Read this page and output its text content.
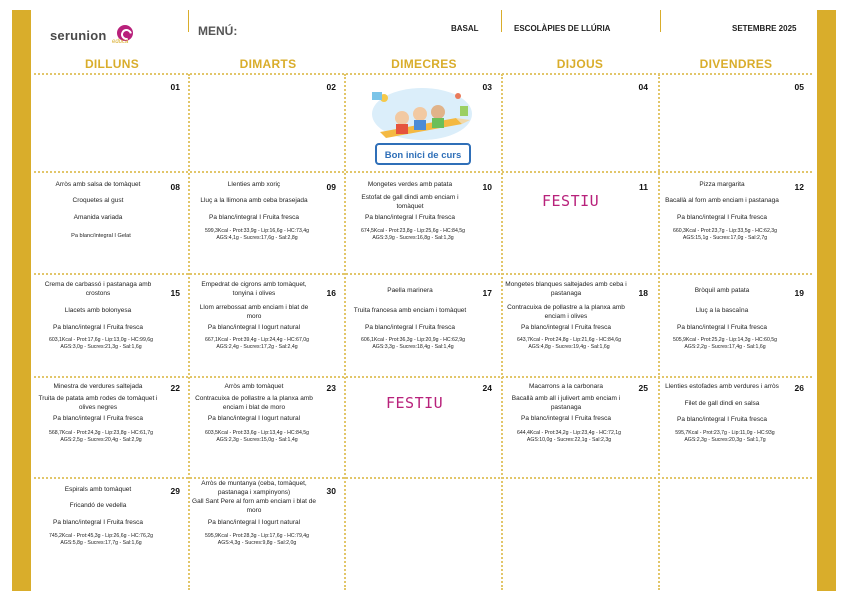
serunion educa
MENÚ:	BASAL	ESCOLÀPIES DE LLÚRIA	SETEMBRE 2025
DILLUNS	DIMARTS	DIMECRES	DIJOUS	DIVENDRES
01	02	03	04	05
Bon inici de curs
08
Arròs amb salsa de tomàquet
Croquetes al gust
Amanida variada
Pa blanc/integral I Gelat
09
Llenties amb xoriç
Lluç a la llimona amb ceba brasejada
Pa blanc/integral I Fruita fresca
599,3Kcal - Prot:33,9g - Lip:16,6g - HC:73,4g
AGS:4,1g - Sucres:17,6g - Sal:2,8g
10
Mongetes verdes amb patata
Estofat de gall dindi amb enciam i tomàquet
Pa blanc/integral I Fruita fresca
674,5Kcal - Prot:23,8g - Lip:25,6g - HC:84,5g
AGS:3,9g - Sucres:16,8g - Sal:1,3g
11
FESTIU
12
Pizza margarita
Bacallà al forn amb enciam i pastanaga
Pa blanc/integral I Fruita fresca
660,3Kcal - Prot:23,7g - Lip:33,5g - HC:62,3g
AGS:15,1g - Sucres:17,0g - Sal:2,7g
15
Crema de carbassó i pastanaga amb crostons
Llacets amb bolonyesa
Pa blanc/integral I Fruita fresca
603,1Kcal - Prot:17,6g - Lip:13,0g - HC:99,6g
AGS:3,0g - Sucres:21,3g - Sal:1,6g
16
Empedrat de cigrons amb tomàquet, tonyina i olives
Llom arrebossat amb enciam i blat de moro
Pa blanc/integral I Iogurt natural
667,1Kcal - Prot:39,4g - Lip:24,4g - HC:67,0g
AGS:2,4g - Sucres:17,2g - Sal:2,4g
17
Paella marinera
Truita francesa amb enciam i tomàquet
Pa blanc/integral I Fruita fresca
606,1Kcal - Prot:36,3g - Lip:20,9g - HC:62,9g
AGS:3,3g - Sucres:18,4g - Sal:1,4g
18
Mongetes blanques saltejades amb ceba i pastanaga
Contracuixa de pollastre a la planxa amb enciam i olives
Pa blanc/integral I Fruita fresca
643,7Kcal - Prot:24,8g - Lip:21,6g - HC:84,6g
AGS:4,8g - Sucres:19,4g - Sal:1,6g
19
Bròquil amb patata
Lluç a la bascaïna
Pa blanc/integral I Fruita fresca
505,9Kcal - Prot:25,2g - Lip:14,3g - HC:60,5g
AGS:2,2g - Sucres:17,4g - Sal:1,6g
22
Minestra de verdures saltejada
Truita de patata amb rodes de tomàquet i olives negres
Pa blanc/integral I Fruita fresca
568,7Kcal - Prot:24,3g - Lip:23,8g - HC:61,7g
AGS:2,5g - Sucres:20,4g - Sal:2,9g
23
Arròs amb tomàquet
Contracuixa de pollastre a la planxa amb enciam i blat de moro
Pa blanc/integral I Iogurt natural
603,5Kcal - Prot:33,6g - Lip:13,4g - HC:84,5g
AGS:2,3g - Sucres:15,0g - Sal:1,4g
24
FESTIU
25
Macarrons a la carbonara
Bacallà amb all i julivert amb enciam i pastanaga
Pa blanc/integral I Fruita fresca
644,4Kcal - Prot:34,2g - Lip:23,4g - HC:72,1g
AGS:10,0g - Sucres:22,1g - Sal:2,3g
26
Llenties estofades amb verdures i arròs
Filet de gall dindi en salsa
Pa blanc/integral I Fruita fresca
595,7Kcal - Prot:23,7g - Lip:11,0g - HC:93g
AGS:2,3g - Sucres:20,3g - Sal:1,7g
29
Espirals amb tomàquet
Fricandó de vedella
Pa blanc/integral I Fruita fresca
745,2Kcal - Prot:45,3g - Lip:26,6g - HC:76,2g
AGS:5,8g - Sucres:17,7g - Sal:1,6g
30
Arròs de muntanya (ceba, tomàquet, pastanaga i xampinyons)
Gall Sant Pere al forn amb enciam i blat de moro
Pa blanc/integral I Iogurt natural
595,9Kcal - Prot:28,3g - Lip:17,6g - HC:79,4g
AGS:4,3g - Sucres:9,8g - Sal:2,0g
